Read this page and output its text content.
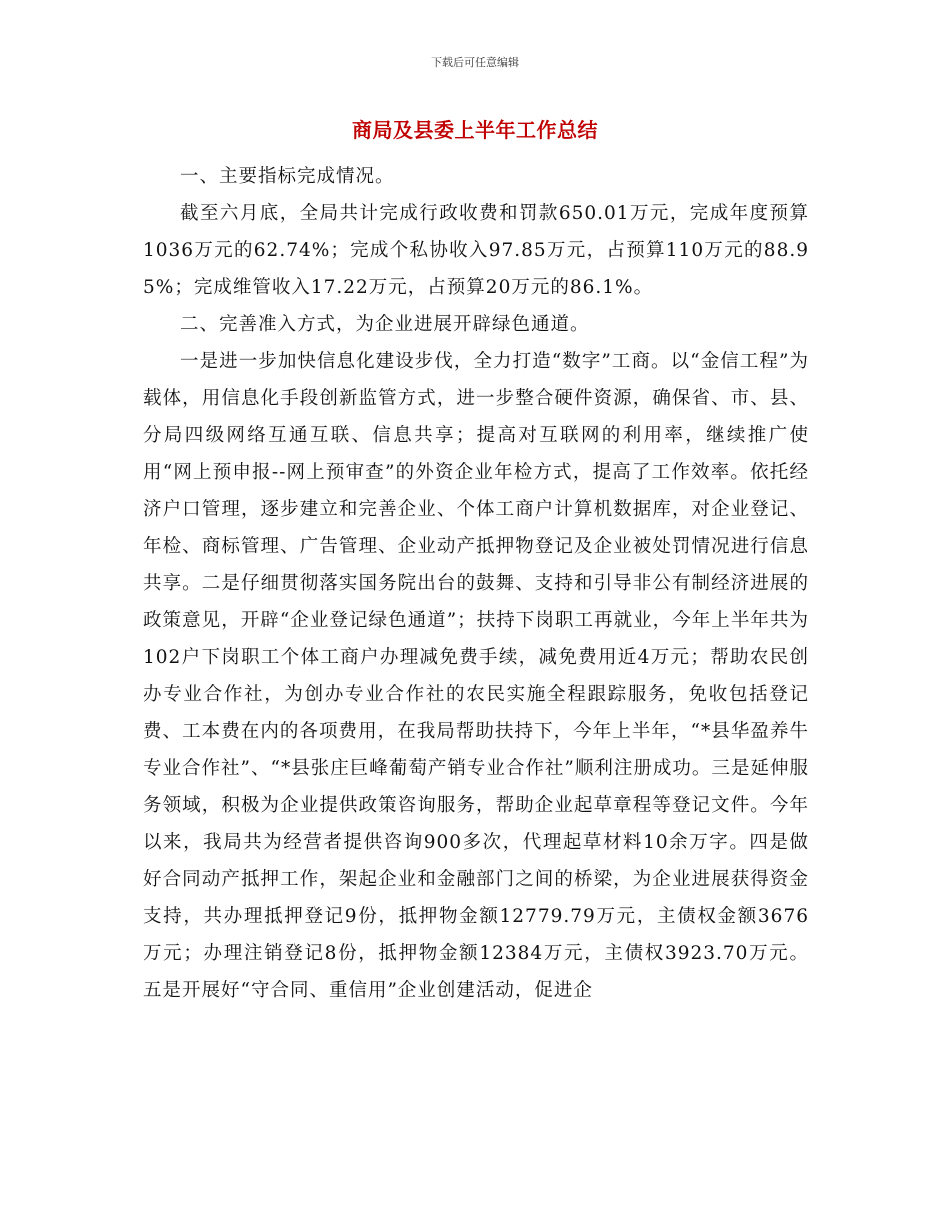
下载后可任意编辑
商局及县委上半年工作总结

一、主要指标完成情况。

截至六月底，全局共计完成行政收费和罚款650.01万元，完成年度预算1036万元的62.74%；完成个私协收入97.85万元，占预算110万元的88.95%；完成维管收入17.22万元，占预算20万元的86.1%。

二、完善准入方式，为企业进展开辟绿色通道。

一是进一步加快信息化建设步伐，全力打造“数字”工商。以“金信工程”为载体，用信息化手段创新监管方式，进一步整合硬件资源，确保省、市、县、分局四级网络互通互联、信息共享；提高对互联网的利用率，继续推广使用“网上预申报--网上预审查”的外资企业年检方式，提高了工作效率。依托经济户口管理，逐步建立和完善企业、个体工商户计算机数据库，对企业登记、年检、商标管理、广告管理、企业动产抵押物登记及企业被处罚情况进行信息共享。二是仔细贯彻落实国务院出台的鼓舞、支持和引导非公有制经济进展的政策意见，开辟“企业登记绿色通道”；扶持下岗职工再就业，今年上半年共为102户下岗职工个体工商户办理减免费手续，减免费用近4万元；帮助农民创办专业合作社，为创办专业合作社的农民实施全程跟踪服务，免收包括登记费、工本费在内的各项费用，在我局帮助扶持下，今年上半年，“*县华盈养牛专业合作社”、“*县张庄巨峰葡萄产销专业合作社”顺利注册成功。三是延伸服务领域，积极为企业提供政策咨询服务，帮助企业起草章程等登记文件。今年以来，我局共为经营者提供咨询900多次，代理起草材料10余万字。四是做好合同动产抵押工作，架起企业和金融部门之间的桥梁，为企业进展获得资金支持，共办理抵押登记9份，抵押物金额12779.79万元，主债权金额3676万元；办理注销登记8份，抵押物金额12384万元，主债权3923.70万元。五是开展好“守合同、重信用”企业创建活动，促进企
